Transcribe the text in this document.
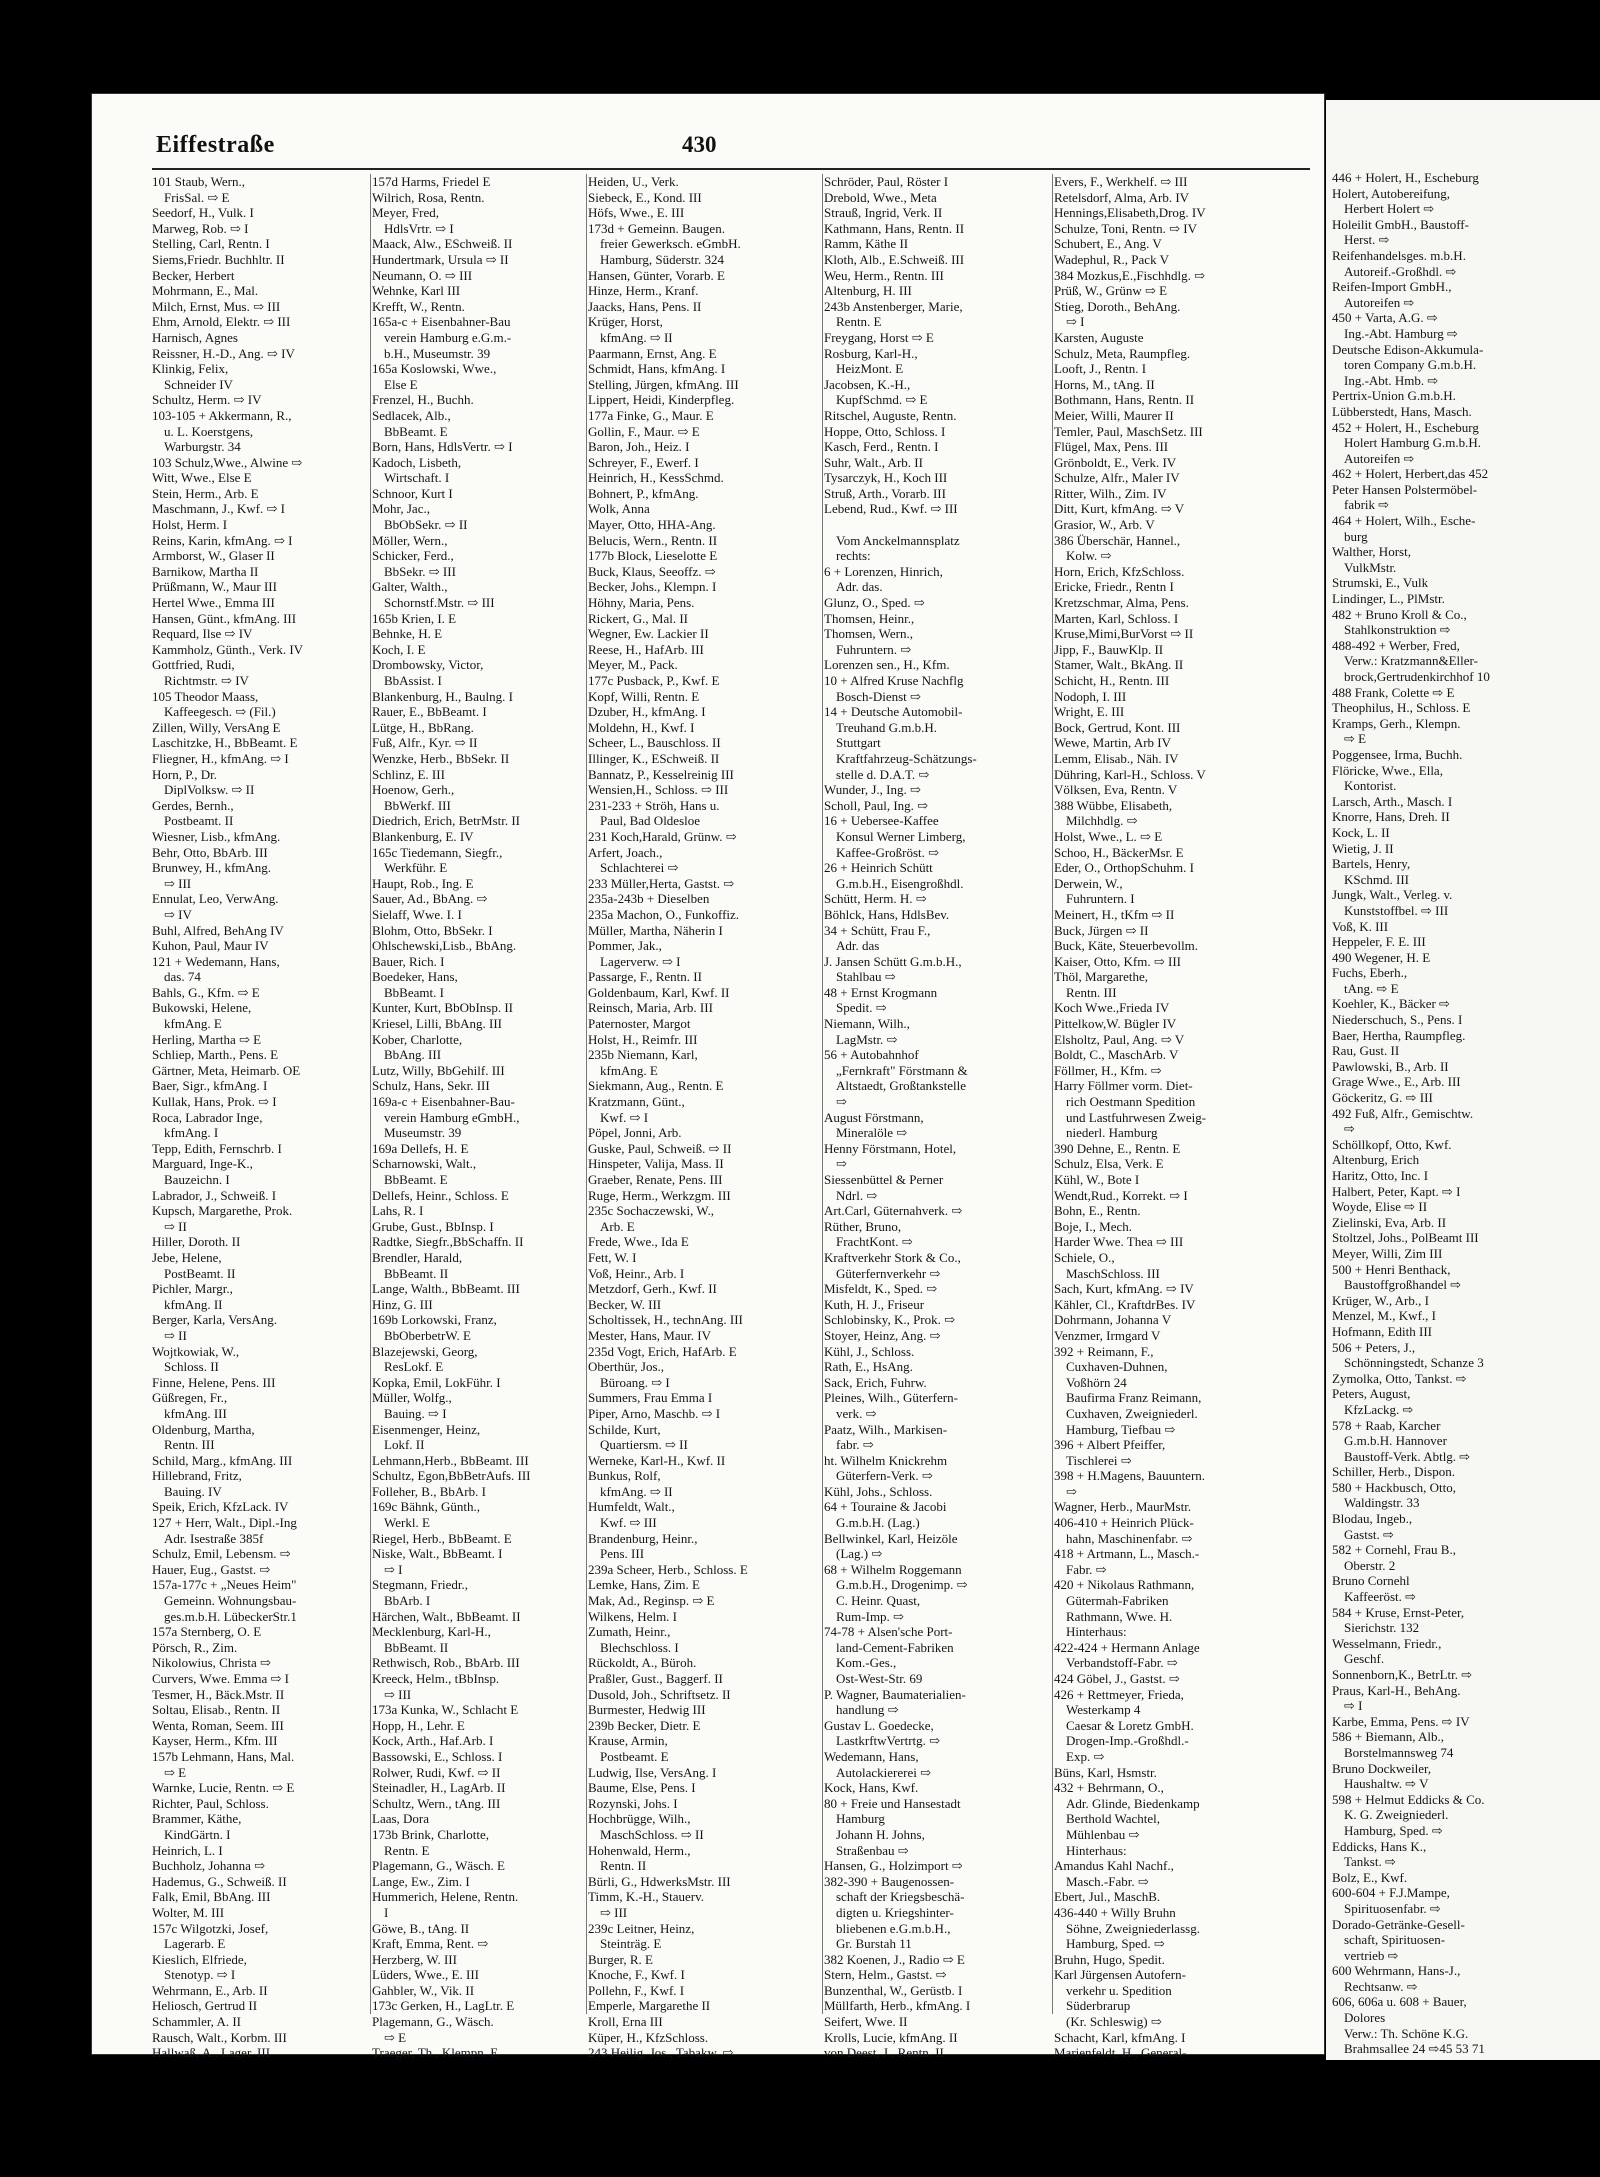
Eiffestraße	430
101 Staub, Wern.,
FrisSal. ⇨ E
Seedorf, H., Vulk. I
Marweg, Rob. ⇨ I
Stelling, Carl, Rentn. I
Siems,Friedr. Buchhltr. II
Becker, Herbert
Mohrmann, E., Mal.
Milch, Ernst, Mus. ⇨ III
Ehm, Arnold, Elektr. ⇨ III
Harnisch, Agnes
Reissner, H.-D., Ang. ⇨ IV
Klinkig, Felix,
Schneider IV
Schultz, Herm. ⇨ IV
103-105 + Akkermann, R.,
u. L. Koerstgens,
Warburgstr. 34
103 Schulz,Wwe., Alwine ⇨
Witt, Wwe., Else E
Stein, Herm., Arb. E
Maschmann, J., Kwf. ⇨ I
Holst, Herm. I
Reins, Karin, kfmAng. ⇨ I
Armborst, W., Glaser II
Barnikow, Martha II
Prüßmann, W., Maur III
Hertel Wwe., Emma III
Hansen, Günt., kfmAng. III
Requard, Ilse ⇨ IV
Kammholz, Günth., Verk. IV
Gottfried, Rudi,
Richtmstr. ⇨ IV
105 Theodor Maass,
Kaffeegesch. ⇨ (Fil.)
Zillen, Willy, VersAng E
Laschitzke, H., BbBeamt. E
Fliegner, H., kfmAng. ⇨ I
Horn, P., Dr.
DiplVolksw. ⇨ II
Gerdes, Bernh.,
Postbeamt. II
Wiesner, Lisb., kfmAng.
Behr, Otto, BbArb. III
Brunwey, H., kfmAng.
⇨ III
Ennulat, Leo, VerwAng.
⇨ IV
Buhl, Alfred, BehAng IV
Kuhon, Paul, Maur IV
121 + Wedemann, Hans,
das. 74
Bahls, G., Kfm. ⇨ E
Bukowski, Helene,
kfmAng. E
Herling, Martha ⇨ E
Schliep, Marth., Pens. E
Gärtner, Meta, Heimarb. OE
Baer, Sigr., kfmAng. I
Kullak, Hans, Prok. ⇨ I
Roca, Labrador Inge,
kfmAng. I
Tepp, Edith, Fernschrb. I
Marguard, Inge-K.,
Bauzeichn. I
Labrador, J., Schweiß. I
Kupsch, Margarethe, Prok.
⇨ II
Hiller, Doroth. II
Jebe, Helene,
PostBeamt. II
Pichler, Margr.,
kfmAng. II
Berger, Karla, VersAng.
⇨ II
Wojtkowiak, W.,
Schloss. II
Finne, Helene, Pens. III
Güßregen, Fr.,
kfmAng. III
Oldenburg, Martha,
Rentn. III
Schild, Marg., kfmAng. III
Hillebrand, Fritz,
Bauing. IV
Speik, Erich, KfzLack. IV
127 + Herr, Walt., Dipl.-Ing
Adr. Isestraße 385f
Schulz, Emil, Lebensm. ⇨
Hauer, Eug., Gastst. ⇨
157a-177c + „Neues Heim"
Gemeinn. Wohnungsbau-
ges.m.b.H. LübeckerStr.1
157a Sternberg, O. E
Pörsch, R., Zim.
Nikolowius, Christa ⇨
Curvers, Wwe. Emma ⇨ I
Tesmer, H., Bäck.Mstr. II
Soltau, Elisab., Rentn. II
Wenta, Roman, Seem. III
Kayser, Herm., Kfm. III
157b Lehmann, Hans, Mal.
⇨ E
Warnke, Lucie, Rentn. ⇨ E
Richter, Paul, Schloss.
Brammer, Käthe,
KindGärtn. I
Heinrich, L. I
Buchholz, Johanna ⇨
Hademus, G., Schweiß. II
Falk, Emil, BbAng. III
Wolter, M. III
157c Wilgotzki, Josef,
Lagerarb. E
Kieslich, Elfriede,
Stenotyp. ⇨ I
Wehrmann, E., Arb. II
Heliosch, Gertrud II
Schammler, A. II
Rausch, Walt., Korbm. III
Hallwaß, A., Lager. III
157d Harms, Friedel E
Wilrich, Rosa, Rentn.
Meyer, Fred,
HdlsVrtr. ⇨ I
Maack, Alw., ESchweiß. II
Hundertmark, Ursula ⇨ II
Neumann, O. ⇨ III
Wehnke, Karl III
Krefft, W., Rentn.
165a-c + Eisenbahner-Bau
verein Hamburg e.G.m.-
b.H., Museumstr. 39
165a Koslowski, Wwe.,
Else E
Frenzel, H., Buchh.
Sedlacek, Alb.,
BbBeamt. E
Born, Hans, HdlsVertr. ⇨ I
Kadoch, Lisbeth,
Wirtschaft. I
Schnoor, Kurt I
Mohr, Jac.,
BbObSekr. ⇨ II
Möller, Wern.,
Schicker, Ferd.,
BbSekr. ⇨ III
Galter, Walth.,
Schornstf.Mstr. ⇨ III
165b Krien, I. E
Behnke, H. E
Koch, I. E
Drombowsky, Victor,
BbAssist. I
Blankenburg, H., Baulng. I
Rauer, E., BbBeamt. I
Lütge, H., BbRang.
Fuß, Alfr., Kyr. ⇨ II
Wenzke, Herb., BbSekr. II
Schlinz, E. III
Hoenow, Gerh.,
BbWerkf. III
Diedrich, Erich, BetrMstr. II
Blankenburg, E. IV
165c Tiedemann, Siegfr.,
Werkführ. E
Haupt, Rob., Ing. E
Sauer, Ad., BbAng. ⇨
Sielaff, Wwe. I. I
Blohm, Otto, BbSekr. I
Ohlschewski,Lisb., BbAng.
Bauer, Rich. I
Boedeker, Hans,
BbBeamt. I
Kunter, Kurt, BbObInsp. II
Kriesel, Lilli, BbAng. III
Kober, Charlotte,
BbAng. III
Lutz, Willy, BbGehilf. III
Schulz, Hans, Sekr. III
169a-c + Eisenbahner-Bau-
verein Hamburg eGmbH.,
Museumstr. 39
169a Dellefs, H. E
Scharnowski, Walt.,
BbBeamt. E
Dellefs, Heinr., Schloss. E
Lahs, R. I
Grube, Gust., BbInsp. I
Radtke, Siegfr.,BbSchaffn. II
Brendler, Harald,
BbBeamt. II
Lange, Walth., BbBeamt. III
Hinz, G. III
169b Lorkowski, Franz,
BbOberbetrW. E
Blazejewski, Georg,
ResLokf. E
Kopka, Emil, LokFühr. I
Müller, Wolfg.,
Bauing. ⇨ I
Eisenmenger, Heinz,
Lokf. II
Lehmann,Herb., BbBeamt. III
Schultz, Egon,BbBetrAufs. III
Folleher, B., BbArb. I
169c Bähnk, Günth.,
Werkl. E
Riegel, Herb., BbBeamt. E
Niske, Walt., BbBeamt. I
⇨ I
Stegmann, Friedr.,
BbArb. I
Härchen, Walt., BbBeamt. II
Mecklenburg, Karl-H.,
BbBeamt. II
Rethwisch, Rob., BbArb. III
Kreeck, Helm., tBbInsp.
⇨ III
173a Kunka, W., Schlacht E
Hopp, H., Lehr. E
Kock, Arth., Haf.Arb. I
Bassowski, E., Schloss. I
Rolwer, Rudi, Kwf. ⇨ II
Steinadler, H., LagArb. II
Schultz, Wern., tAng. III
Laas, Dora
173b Brink, Charlotte,
Rentn. E
Plagemann, G., Wäsch. E
Lange, Ew., Zim. I
Hummerich, Helene, Rentn.
I
Göwe, B., tAng. II
Kraft, Emma, Rent. ⇨
Herzberg, W. III
Lüders, Wwe., E. III
Gahbler, W., Vik. II
173c Gerken, H., LagLtr. E
Plagemann, G., Wäsch.
⇨ E
Traeger, Th., Klempn. E
Heiden, U., Verk.
Siebeck, E., Kond. III
Höfs, Wwe., E. III
173d + Gemeinn. Baugen.
freier Gewerksch. eGmbH.
Hamburg, Süderstr. 324
Hansen, Günter, Vorarb. E
Hinze, Herm., Kranf.
Jaacks, Hans, Pens. II
Krüger, Horst,
kfmAng. ⇨ II
Paarmann, Ernst, Ang. E
Schmidt, Hans, kfmAng. I
Stelling, Jürgen, kfmAng. III
Lippert, Heidi, Kinderpfleg.
177a Finke, G., Maur. E
Gollin, F., Maur. ⇨ E
Baron, Joh., Heiz. I
Schreyer, F., Ewerf. I
Heinrich, H., KessSchmd.
Bohnert, P., kfmAng.
Wolk, Anna
Mayer, Otto, HHA-Ang.
Belucis, Wern., Rentn. II
177b Block, Lieselotte E
Buck, Klaus, Seeoffz. ⇨
Becker, Johs., Klempn. I
Höhny, Maria, Pens.
Rickert, G., Mal. II
Wegner, Ew. Lackier II
Reese, H., HafArb. III
Meyer, M., Pack.
177c Pusback, P., Kwf. E
Kopf, Willi, Rentn. E
Dzuber, H., kfmAng. I
Moldehn, H., Kwf. I
Scheer, L., Bauschloss. II
Illinger, K., ESchweiß. II
Bannatz, P., Kesselreinig III
Wensien,H., Schloss. ⇨ III
231-233 + Ströh, Hans u.
Paul, Bad Oldesloe
231 Koch,Harald, Grünw. ⇨
Arfert, Joach.,
Schlachterei ⇨
233 Müller,Herta, Gastst. ⇨
235a-243b + Dieselben
235a Machon, O., Funkoffiz.
Müller, Martha, Näherin I
Pommer, Jak.,
Lagerverw. ⇨ I
Passarge, F., Rentn. II
Goldenbaum, Karl, Kwf. II
Reinsch, Maria, Arb. III
Paternoster, Margot
Holst, H., Reimfr. III
235b Niemann, Karl,
kfmAng. E
Siekmann, Aug., Rentn. E
Kratzmann, Günt.,
Kwf. ⇨ I
Pöpel, Jonni, Arb.
Guske, Paul, Schweiß. ⇨ II
Hinspeter, Valija, Mass. II
Graeber, Renate, Pens. III
Ruge, Herm., Werkzgm. III
235c Sochaczewski, W.,
Arb. E
Frede, Wwe., Ida E
Fett, W. I
Voß, Heinr., Arb. I
Metzdorf, Gerh., Kwf. II
Becker, W. III
Scholtissek, H., technAng. III
Mester, Hans, Maur. IV
235d Vogt, Erich, HafArb. E
Oberthür, Jos.,
Büroang. ⇨ I
Summers, Frau Emma I
Piper, Arno, Maschb. ⇨ I
Schilde, Kurt,
Quartiersm. ⇨ II
Werneke, Karl-H., Kwf. II
Bunkus, Rolf,
kfmAng. ⇨ II
Humfeldt, Walt.,
Kwf. ⇨ III
Brandenburg, Heinr.,
Pens. III
239a Scheer, Herb., Schloss. E
Lemke, Hans, Zim. E
Mak, Ad., Reginsp. ⇨ E
Wilkens, Helm. I
Zumath, Heinr.,
Blechschloss. I
Rückoldt, A., Büroh.
Praßler, Gust., Baggerf. II
Dusold, Joh., Schriftsetz. II
Burmester, Hedwig III
239b Becker, Dietr. E
Krause, Armin,
Postbeamt. E
Ludwig, Ilse, VersAng. I
Baume, Else, Pens. I
Rozynski, Johs. I
Hochbrügge, Wilh.,
MaschSchloss. ⇨ II
Hohenwald, Herm.,
Rentn. II
Bürli, G., HdwerksMstr. III
Timm, K.-H., Stauerv.
⇨ III
239c Leitner, Heinz,
Steinträg. E
Burger, R. E
Knoche, F., Kwf. I
Pollehn, F., Kwf. I
Emperle, Margarethe II
Kroll, Erna III
Küper, H., KfzSchloss.
243 Heilig, Jos., Tabakw. ⇨
Schröder, Paul, Röster I
Drebold, Wwe., Meta
Strauß, Ingrid, Verk. II
Kathmann, Hans, Rentn. II
Ramm, Käthe II
Kloth, Alb., E.Schweiß. III
Weu, Herm., Rentn. III
Altenburg, H. III
243b Anstenberger, Marie,
Rentn. E
Freygang, Horst ⇨ E
Rosburg, Karl-H.,
HeizMont. E
Jacobsen, K.-H.,
KupfSchmd. ⇨ E
Ritschel, Auguste, Rentn.
Hoppe, Otto, Schloss. I
Kasch, Ferd., Rentn. I
Suhr, Walt., Arb. II
Tysarczyk, H., Koch III
Struß, Arth., Vorarb. III
Lebend, Rud., Kwf. ⇨ III

Vom Anckelmannsplatz
rechts:
6 + Lorenzen, Hinrich,
Adr. das.
Glunz, O., Sped. ⇨
Thomsen, Heinr.,
Thomsen, Wern.,
Fuhruntern. ⇨
Lorenzen sen., H., Kfm.
10 + Alfred Kruse Nachflg
Bosch-Dienst ⇨
14 + Deutsche Automobil-
Treuhand G.m.b.H.
Stuttgart
Kraftfahrzeug-Schätzungs-
stelle d. D.A.T. ⇨
Wunder, J., Ing. ⇨
Scholl, Paul, Ing. ⇨
16 + Uebersee-Kaffee
Konsul Werner Limberg,
Kaffee-Großröst. ⇨
26 + Heinrich Schütt
G.m.b.H., Eisengroßhdl.
Schütt, Herm. H. ⇨
Böhlck, Hans, HdlsBev.
34 + Schütt, Frau F.,
Adr. das
J. Jansen Schütt G.m.b.H.,
Stahlbau ⇨
48 + Ernst Krogmann
Spedit. ⇨
Niemann, Wilh.,
LagMstr. ⇨
56 + Autobahnhof
„Fernkraft" Förstmann &
Altstaedt, Großtankstelle
⇨
August Förstmann,
Mineralöle ⇨
Henny Förstmann, Hotel,
⇨
Siessenbüttel & Perner
Ndrl. ⇨
Art.Carl, Güternahverk. ⇨
Rüther, Bruno,
FrachtKont. ⇨
Kraftverkehr Stork & Co.,
Güterfernverkehr ⇨
Misfeldt, K., Sped. ⇨
Kuth, H. J., Friseur
Schlobinsky, K., Prok. ⇨
Stoyer, Heinz, Ang. ⇨
Kühl, J., Schloss.
Rath, E., HsAng.
Sack, Erich, Fuhrw.
Pleines, Wilh., Güterfern-
verk. ⇨
Paatz, Wilh., Markisen-
fabr. ⇨
ht. Wilhelm Knickrehm
Güterfern-Verk. ⇨
Kühl, Johs., Schloss.
64 + Touraine & Jacobi
G.m.b.H. (Lag.)
Bellwinkel, Karl, Heizöle
(Lag.) ⇨
68 + Wilhelm Roggemann
G.m.b.H., Drogenimp. ⇨
C. Heinr. Quast,
Rum-Imp. ⇨
74-78 + Alsen'sche Port-
land-Cement-Fabriken
Kom.-Ges.,
Ost-West-Str. 69
P. Wagner, Baumaterialien-
handlung ⇨
Gustav L. Goedecke,
LastkrftwVertrtg. ⇨
Wedemann, Hans,
Autolackiererei ⇨
Kock, Hans, Kwf.
80 + Freie und Hansestadt
Hamburg
Johann H. Johns,
Straßenbau ⇨
Hansen, G., Holzimport ⇨
382-390 + Baugenossen-
schaft der Kriegsbeschä-
digten u. Kriegshinter-
bliebenen e.G.m.b.H.,
Gr. Burstah 11
382 Koenen, J., Radio ⇨ E
Stern, Helm., Gastst. ⇨
Bunzenthal, W., Gerüstb. I
Müllfarth, Herb., kfmAng. I
Seifert, Wwe. II
Krolls, Lucie, kfmAng. II
von Deest, J., Rentn. II
Evers, F., Werkhelf. ⇨ III
Retelsdorf, Alma, Arb. IV
Hennings,Elisabeth,Drog. IV
Schulze, Toni, Rentn. ⇨ IV
Schubert, E., Ang. V
Wadephul, R., Pack V
384 Mozkus,E.,Fischhdlg. ⇨
Prüß, W., Grünw ⇨ E
Stieg, Doroth., BehAng.
⇨ I
Karsten, Auguste
Schulz, Meta, Raumpfleg.
Looft, J., Rentn. I
Horns, M., tAng. II
Bothmann, Hans, Rentn. II
Meier, Willi, Maurer II
Temler, Paul, MaschSetz. III
Flügel, Max, Pens. III
Grönboldt, E., Verk. IV
Schulze, Alfr., Maler IV
Ritter, Wilh., Zim. IV
Ditt, Kurt, kfmAng. ⇨ V
Grasior, W., Arb. V
386 Überschär, Hannel.,
Kolw. ⇨
Horn, Erich, KfzSchloss.
Ericke, Friedr., Rentn I
Kretzschmar, Alma, Pens.
Marten, Karl, Schloss. I
Kruse,Mimi,BurVorst ⇨ II
Jipp, F., BauwKlp. II
Stamer, Walt., BkAng. II
Schicht, H., Rentn. III
Nodoph, I. III
Wright, E. III
Bock, Gertrud, Kont. III
Wewe, Martin, Arb IV
Lemm, Elisab., Näh. IV
Dühring, Karl-H., Schloss. V
Völksen, Eva, Rentn. V
388 Wübbe, Elisabeth,
Milchhdlg. ⇨
Holst, Wwe., L. ⇨ E
Schoo, H., BäckerMsr. E
Eder, O., OrthopSchuhm. I
Derwein, W.,
Fuhruntern. I
Meinert, H., tKfm ⇨ II
Buck, Jürgen ⇨ II
Buck, Käte, Steuerbevollm.
Kaiser, Otto, Kfm. ⇨ III
Thöl, Margarethe,
Rentn. III
Koch Wwe.,Frieda IV
Pittelkow,W. Bügler IV
Elsholtz, Paul, Ang. ⇨ V
Boldt, C., MaschArb. V
Föllmer, H., Kfm. ⇨
Harry Föllmer vorm. Diet-
rich Oestmann Spedition
und Lastfuhrwesen Zweig-
niederl. Hamburg
390 Dehne, E., Rentn. E
Schulz, Elsa, Verk. E
Kühl, W., Bote I
Wendt,Rud., Korrekt. ⇨ I
Bohn, E., Rentn.
Boje, I., Mech.
Harder Wwe. Thea ⇨ III
Schiele, O.,
MaschSchloss. III
Sach, Kurt, kfmAng. ⇨ IV
Kähler, Cl., KraftdrBes. IV
Dohrmann, Johanna V
Venzmer, Irmgard V
392 + Reimann, F.,
Cuxhaven-Duhnen,
Voßhörn 24
Baufirma Franz Reimann,
Cuxhaven, Zweigniederl.
Hamburg, Tiefbau ⇨
396 + Albert Pfeiffer,
Tischlerei ⇨
398 + H.Magens, Bauuntern.
⇨
Wagner, Herb., MaurMstr.
406-410 + Heinrich Plück-
hahn, Maschinenfabr. ⇨
418 + Artmann, L., Masch.-
Fabr. ⇨
420 + Nikolaus Rathmann,
Gütermah-Fabriken
Rathmann, Wwe. H.
Hinterhaus:
422-424 + Hermann Anlage
Verbandstoff-Fabr. ⇨
424 Göbel, J., Gastst. ⇨
426 + Rettmeyer, Frieda,
Westerkamp 4
Caesar & Loretz GmbH.
Drogen-Imp.-Großhdl.-
Exp. ⇨
Büns, Karl, Hsmstr.
432 + Behrmann, O.,
Adr. Glinde, Biedenkamp
Berthold Wachtel,
Mühlenbau ⇨
Hinterhaus:
Amandus Kahl Nachf.,
Masch.-Fabr. ⇨
Ebert, Jul., MaschB.
436-440 + Willy Bruhn
Söhne, Zweigniederlassg.
Hamburg, Sped. ⇨
Bruhn, Hugo, Spedit.
Karl Jürgensen Autofern-
verkehr u. Spedition
Süderbrarup
(Kr. Schleswig) ⇨
Schacht, Karl, kfmAng. I
Marienfeldt, H., General-
446 + Holert, H., Escheburg
Holert, Autobereifung,
Herbert Holert ⇨
Holeilit GmbH., Baustoff-
Herst. ⇨
Reifenhandelsges. m.b.H.
Autoreif.-Großhdl. ⇨
Reifen-Import GmbH.,
Autoreifen ⇨
450 + Varta, A.G. ⇨
Ing.-Abt. Hamburg ⇨
Deutsche Edison-Akkumula-
toren Company G.m.b.H.
Ing.-Abt. Hmb. ⇨
Pertrix-Union G.m.b.H.
Lübberstedt, Hans, Masch.
452 + Holert, H., Escheburg
Holert Hamburg G.m.b.H.
Autoreifen ⇨
462 + Holert, Herbert,das 452
Peter Hansen Polstermöbel-
fabrik ⇨
464 + Holert, Wilh., Esche-
burg
Walther, Horst,
VulkMstr.
Strumski, E., Vulk
Lindinger, L., PlMstr.
482 + Bruno Kroll & Co.,
Stahlkonstruktion ⇨
488-492 + Werber, Fred,
Verw.: Kratzmann&Eller-
brock,Gertrudenkirchhof 10
488 Frank, Colette ⇨ E
Theophilus, H., Schloss. E
Kramps, Gerh., Klempn.
⇨ E
Poggensee, Irma, Buchh.
Flöricke, Wwe., Ella,
Kontorist.
Larsch, Arth., Masch. I
Knorre, Hans, Dreh. II
Kock, L. II
Wietig, J. II
Bartels, Henry,
KSchmd. III
Jungk, Walt., Verleg. v.
Kunststoffbel. ⇨ III
Voß, K. III
Heppeler, F. E. III
490 Wegener, H. E
Fuchs, Eberh.,
tAng. ⇨ E
Koehler, K., Bäcker ⇨
Niederschuch, S., Pens. I
Baer, Hertha, Raumpfleg.
Rau, Gust. II
Pawlowski, B., Arb. II
Grage Wwe., E., Arb. III
Göckeritz, G. ⇨ III
492 Fuß, Alfr., Gemischtw.
⇨
Schöllkopf, Otto, Kwf.
Altenburg, Erich
Haritz, Otto, Inc. I
Halbert, Peter, Kapt. ⇨ I
Woyde, Elise ⇨ II
Zielinski, Eva, Arb. II
Stoltzel, Johs., PolBeamt III
Meyer, Willi, Zim III
500 + Henri Benthack,
Baustoffgroßhandel ⇨
Krüger, W., Arb., I
Menzel, M., Kwf., I
Hofmann, Edith III
506 + Peters, J.,
Schönningstedt, Schanze 3
Zymolka, Otto, Tankst. ⇨
Peters, August,
KfzLackg. ⇨
578 + Raab, Karcher
G.m.b.H. Hannover
Baustoff-Verk. Abtlg. ⇨
Schiller, Herb., Dispon.
580 + Hackbusch, Otto,
Waldingstr. 33
Blodau, Ingeb.,
Gastst. ⇨
582 + Cornehl, Frau B.,
Oberstr. 2
Bruno Cornehl
Kaffeeröst. ⇨
584 + Kruse, Ernst-Peter,
Sierichstr. 132
Wesselmann, Friedr.,
Geschf.
Sonnenborn,K., BetrLtr. ⇨
Praus, Karl-H., BehAng.
⇨ I
Karbe, Emma, Pens. ⇨ IV
586 + Biemann, Alb.,
Borstelmannsweg 74
Bruno Dockweiler,
Haushaltw. ⇨ V
598 + Helmut Eddicks & Co.
K. G. Zweigniederl.
Hamburg, Sped. ⇨
Eddicks, Hans K.,
Tankst. ⇨
Bolz, E., Kwf.
600-604 + F.J.Mampe,
Spirituosenfabr. ⇨
Dorado-Getränke-Gesell-
schaft, Spirituosen-
vertrieb ⇨
600 Wehrmann, Hans-J.,
Rechtsanw. ⇨
606, 606a u. 608 + Bauer,
Dolores
Verw.: Th. Schöne K.G.
Brahmsallee 24 ⇨45 53 71
